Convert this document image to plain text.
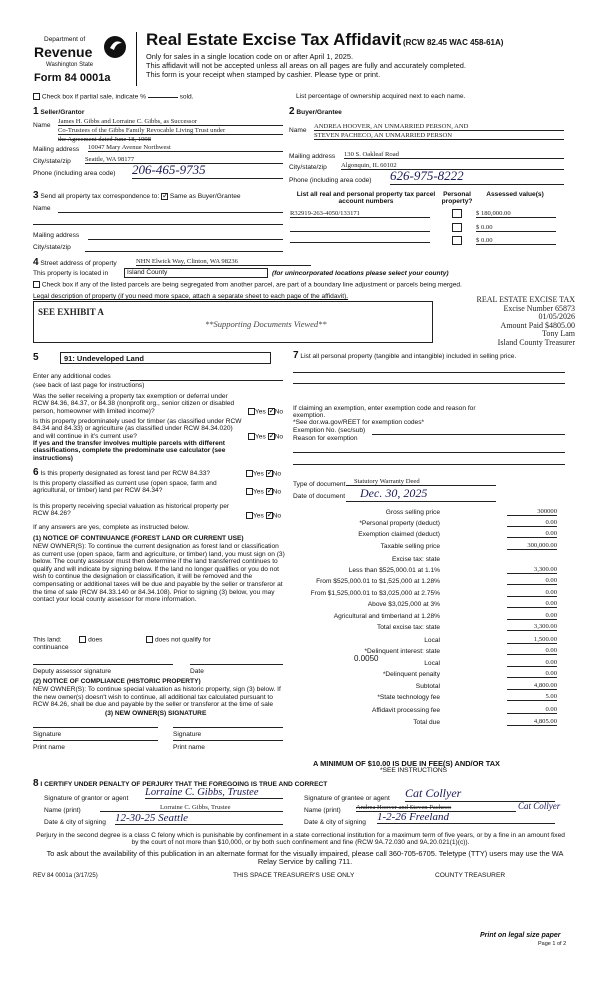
Department of
Revenue
Washington State
Form 84 0001a
Real Estate Excise Tax Affidavit (RCW 82.45 WAC 458-61A)
Only for sales in a single location code on or after April 1, 2025.
This affidavit will not be accepted unless all areas on all pages are fully and accurately completed.
This form is your receipt when stamped by cashier. Please type or print.
Check box if partial sale, indicate %	sold.	List percentage of ownership acquired next to each name.
1 Seller/Grantor
Name
James H. Gibbs and Lorraine C. Gibbs, as Successor
Co-Trustees of the Gibbs Family Revocable Living Trust under
the Agreement dated June 18, 1998
Mailing address 10047 Mary Avenue Northwest
City/state/zip Seattle, WA 98177
Phone (including area code) 206-465-9735
2 Buyer/Grantee
Name
ANDREA HOOVER, AN UNMARRIED PERSON, AND
STEVEN PACHECO, AN UNMARRIED PERSON
Mailing address 130 S. Oakleaf Road
City/state/zip Algonquin, IL 60102
Phone (including area code) 626-975-8222
3 Send all property tax correspondence to: ✓ Same as Buyer/Grantee
Name
Mailing address
City/state/zip
List all real and personal property tax parcel account numbers
Personal property?
Assessed value(s)
R32919-263-4050/133171	$ 180,000.00
$ 0.00
$ 0.00
4 Street address of property	NHN Elwick Way, Clinton, WA 98236
This property is located in	Island County	(for unincorporated locations please select your county)
Check box if any of the listed parcels are being segregated from another parcel, are part of a boundary line adjustment or parcels being merged.
Legal description of property (if you need more space, attach a separate sheet to each page of the affidavit).
SEE EXHIBIT A
**Supporting Documents Viewed**
REAL ESTATE EXCISE TAX
Excise Number 65873
01/05/2026
Amount Paid $4805.00
Tony Lam
Island County Treasurer
5	91: Undeveloped Land
Enter any additional codes
(see back of last page for instructions)
Was the seller receiving a property tax exemption or deferral under RCW 84.36, 84.37, or 84.38 (nonprofit org., senior citizen or disabled person, homeowner with limited income)?	Yes ✓ No
Is this property predominately used for timber (as classified under RCW 84.34 and 84.33) or agriculture (as classified under RCW 84.34.020) and will continue in it's current use?
If yes and the transfer involves multiple parcels with different classifications, complete the predominate use calculator (see instructions)
Yes ✓ No
6 Is this property designated as forest land per RCW 84.33?	Yes ✓ No
Is this property classified as current use (open space, farm and agricultural, or timber) land per RCW 84.34?	Yes ✓ No
Is this property receiving special valuation as historical property per RCW 84.26?	Yes ✓ No
If any answers are yes, complete as instructed below.
(1) NOTICE OF CONTINUANCE (FOREST LAND OR CURRENT USE)
NEW OWNER(S): To continue the current designation as forest land or classification as current use (open space, farm and agriculture, or timber) land, you must sign on (3) below. The county assessor must then determine if the land transferred continues to qualify and will indicate by signing below. If the land no longer qualifies or you do not wish to continue the designation or classification, it will be removed and the compensating or additional taxes will be due and payable by the seller or transferor at the time of sale (RCW 84.33.140 or 84.34.108). Prior to signing (3) below, you may contact your local county assessor for more information.
This land:	does	does not qualify for
continuance
Deputy assessor signature	Date
(2) NOTICE OF COMPLIANCE (HISTORIC PROPERTY)
NEW OWNER(S): To continue special valuation as historic property, sign (3) below. If the new owner(s) doesn't wish to continue, all additional tax calculated pursuant to RCW 84.26, shall be due and payable by the seller or transferor at the time of sale
(3) NEW OWNER(S) SIGNATURE
Signature	Signature
Print name	Print name
7 List all personal property (tangible and intangible) included in selling price.
If claiming an exemption, enter exemption code and reason for exemption.
*See dor.wa.gov/REET for exemption codes*
Exemption No. (sec/sub)
Reason for exemption
Type of document	Statutory Warranty Deed
Date of document	Dec. 30, 2025
Gross selling price	300000
*Personal property (deduct)	0.00
Exemption claimed (deduct)	0.00
Taxable selling price	300,000.00
Excise tax: state
Less than $525,000.01 at 1.1%	3,300.00
From $525,000.01 to $1,525,000 at 1.28%	0.00
From $1,525,000.01 to $3,025,000 at 2.75%	0.00
Above $3,025,000 at 3%	0.00
Agricultural and timberland at 1.28%	0.00
Total excise tax: state	3,300.00
Local	1,500.00
*Delinquent interest: state	0.00
Local	0.00
*Delinquent penalty	0.00
Subtotal	4,800.00
*State technology fee	5.00
Affidavit processing fee	0.00
Total due	4,805.00
0.0050
A MINIMUM OF $10.00 IS DUE IN FEE(S) AND/OR TAX
*SEE INSTRUCTIONS
8 I CERTIFY UNDER PENALTY OF PERJURY THAT THE FOREGOING IS TRUE AND CORRECT
Signature of grantor or agent
Lorraine C. Gibbs, Trustee
Name (print)	Lorraine C. Gibbs, Trustee
Date & city of signing 12-30-25 Seattle
Signature of grantee or agent Cat Collyer
Name (print) Andrea Hoover and Steven Pacheco	Cat Collyer
Date & city of signing 1-2-26 Freeland
Perjury in the second degree is a class C felony which is punishable by confinement in a state correctional institution for a maximum term of five years, or by a fine in an amount fixed by the court of not more than $10,000, or by both such confinement and fine (RCW 9A.72.030 and 9A.20.021(1)(c)).
To ask about the availability of this publication in an alternate format for the visually impaired, please call 360-705-6705. Teletype (TTY) users may use the WA Relay Service by calling 711.
REV 84 0001a (3/17/25)	THIS SPACE TREASURER'S USE ONLY	COUNTY TREASURER
Print on legal size paper
Page 1 of 2
